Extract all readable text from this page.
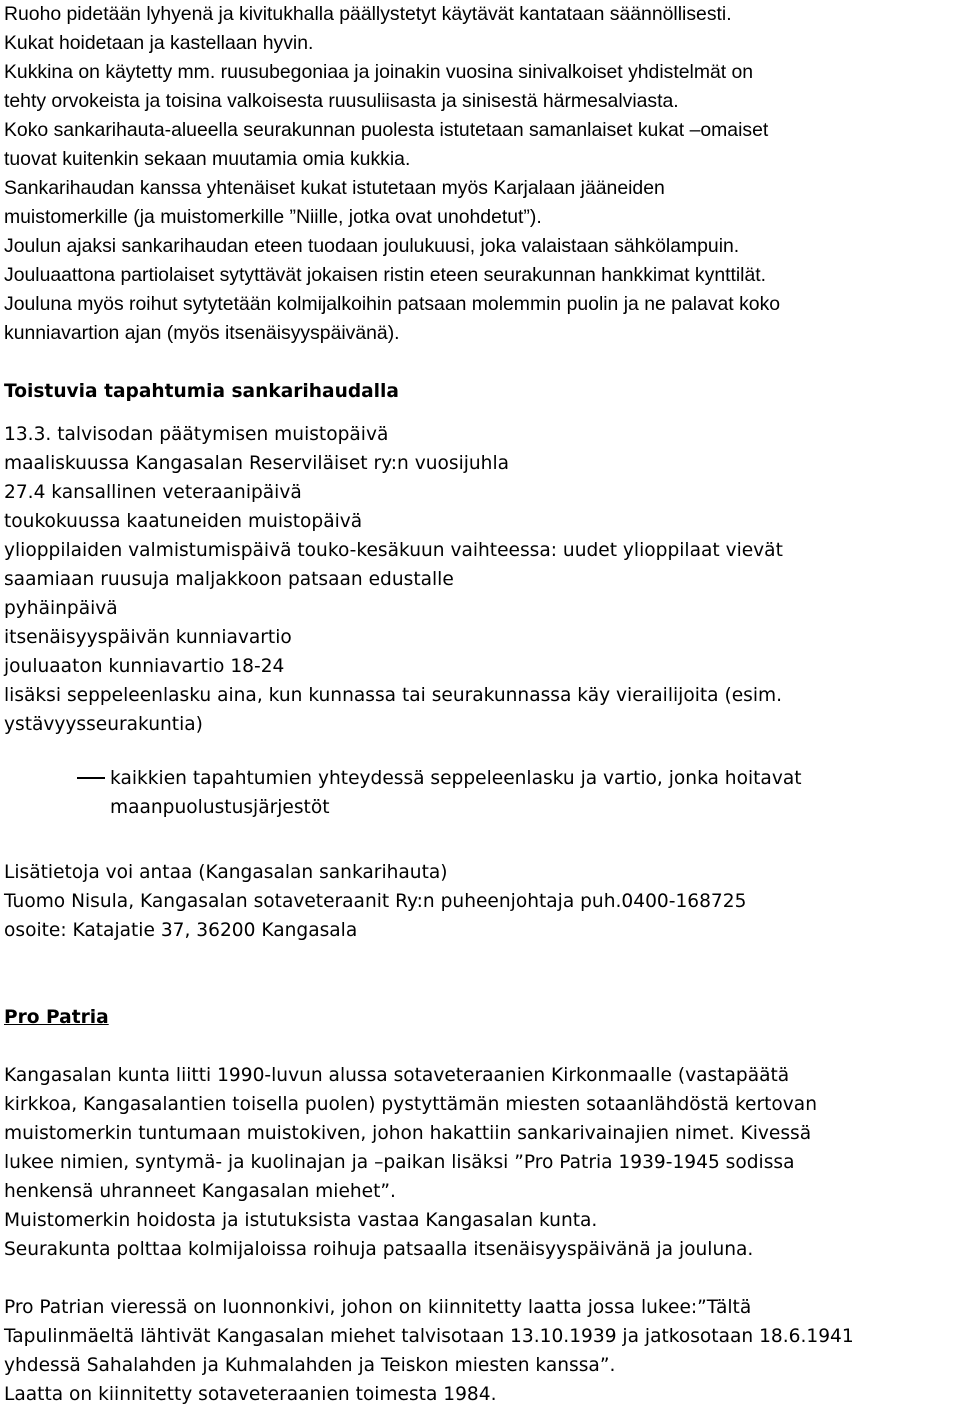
Ruoho pidetään lyhyenä ja kivitukhalla päällystetyt käytävät kantataan säännöllisesti.

Kukat hoidetaan ja kastellaan hyvin.

Kukkina on käytetty mm. ruusubegoniaa ja joinakin vuosina sinivalkoiset yhdistelmät on

tehty orvokeista ja toisina valkoisesta ruusuliisasta ja sinisestä härmesalviasta.

Koko sankarihauta-alueella seurakunnan puolesta istutetaan samanlaiset kukat –omaiset

tuovat kuitenkin sekaan muutamia omia kukkia.

Sankarihaudan kanssa yhtenäiset kukat istutetaan myös Karjalaan jääneiden

muistomerkille (ja muistomerkille ”Niille, jotka ovat unohdetut”).

Joulun ajaksi sankarihaudan eteen tuodaan joulukuusi, joka valaistaan sähkölampuin.

Jouluaattona partiolaiset sytyttävät jokaisen ristin eteen seurakunnan hankkimat kynttilät.

Jouluna myös roihut sytytetään kolmijalkoihin patsaan molemmin puolin ja ne palavat koko

kunniavartion ajan (myös itsenäisyyspäivänä).

Toistuvia tapahtumia sankarihaudalla

13.3. talvisodan päätymisen muistopäivä

maaliskuussa Kangasalan Reserviläiset ry:n vuosijuhla

27.4 kansallinen veteraanipäivä

toukokuussa kaatuneiden muistopäivä

ylioppilaiden valmistumispäivä touko-kesäkuun vaihteessa: uudet ylioppilaat vievät

saamiaan ruusuja maljakkoon patsaan edustalle

pyhäinpäivä

itsenäisyyspäivän kunniavartio

jouluaaton kunniavartio 18-24

lisäksi seppeleenlasku aina, kun kunnassa tai seurakunnassa käy vierailijoita (esim.

ystävyysseurakuntia)

kaikkien tapahtumien yhteydessä seppeleenlasku ja vartio, jonka hoitavat

maanpuolustusjärjestöt

Lisätietoja voi antaa (Kangasalan sankarihauta)

Tuomo Nisula, Kangasalan sotaveteraanit Ry:n puheenjohtaja puh.0400-168725

osoite: Katajatie 37, 36200 Kangasala

Pro Patria

Kangasalan kunta liitti 1990-luvun alussa sotaveteraanien Kirkonmaalle (vastapäätä

kirkkoa, Kangasalantien toisella puolen) pystyttämän miesten sotaanlähdöstä kertovan

muistomerkin tuntumaan muistokiven, johon hakattiin sankarivainajien nimet. Kivessä

lukee nimien, syntymä- ja kuolinajan ja –paikan lisäksi ”Pro Patria 1939-1945 sodissa

henkensä uhranneet Kangasalan miehet”.

Muistomerkin hoidosta ja istutuksista vastaa Kangasalan kunta.

Seurakunta polttaa kolmijaloissa roihuja patsaalla itsenäisyyspäivänä ja jouluna.

Pro Patrian vieressä on luonnonkivi, johon on kiinnitetty laatta jossa lukee:”Tältä

Tapulinmäeltä lähtivät Kangasalan miehet talvisotaan 13.10.1939 ja jatkosotaan 18.6.1941

yhdessä Sahalahden ja Kuhmalahden ja Teiskon miesten kanssa”.

Laatta on kiinnitetty sotaveteraanien toimesta 1984.
